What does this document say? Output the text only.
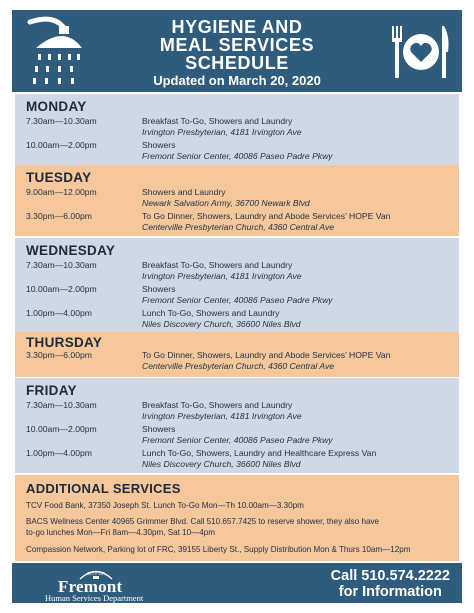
HYGIENE AND
MEAL SERVICES
SCHEDULE
Updated on March 20, 2020
MONDAY
7.30am—10.30am	Breakfast To-Go, Showers and Laundry
Irvington Presbyterian, 4181 Irvington Ave
10.00am—2.00pm	Showers
Fremont Senior Center, 40086 Paseo Padre Pkwy
TUESDAY
9.00am—12.00pm	Showers and Laundry
Newark Salvation Army, 36700 Newark Blvd
3.30pm—6.00pm	To Go Dinner, Showers, Laundry and Abode Services’ HOPE Van
Centerville Presbyterian Church, 4360 Central Ave
WEDNESDAY
7.30am—10.30am	Breakfast To-Go, Showers and Laundry
Irvington Presbyterian, 4181 Irvington Ave
10.00am—2.00pm	Showers
Fremont Senior Center, 40086 Paseo Padre Pkwy
1.00pm—4.00pm	Lunch To-Go, Showers and Laundry
Niles Discovery Church, 36600 Niles Blvd
THURSDAY
3.30pm—6.00pm	To Go Dinner, Showers, Laundry and Abode Services’ HOPE Van
Centerville Presbyterian Church, 4360 Central Ave
FRIDAY
7.30am—10.30am	Breakfast To-Go, Showers and Laundry
Irvington Presbyterian, 4181 Irvington Ave
10.00am—2.00pm	Showers
Fremont Senior Center, 40086 Paseo Padre Pkwy
1.00pm—4.00pm	Lunch To-Go, Showers, Laundry and Healthcare Express Van
Niles Discovery Church, 36600 Niles Blvd
ADDITIONAL SERVICES
TCV Food Bank, 37350 Joseph St. Lunch To-Go Mon—Th 10.00am—3.30pm
BACS Wellness Center 40965 Grimmer Blvd. Call 510.657.7425 to reserve shower, they also have
to-go lunches Mon—Fri 8am—4.30pm, Sat 10—4pm
Compassion Network, Parking lot of FRC, 39155 Liberty St., Supply Distribution Mon & Thurs 10am—12pm
CITY OF
Fremont
Human Services Department
Call 510.574.2222
for Information
